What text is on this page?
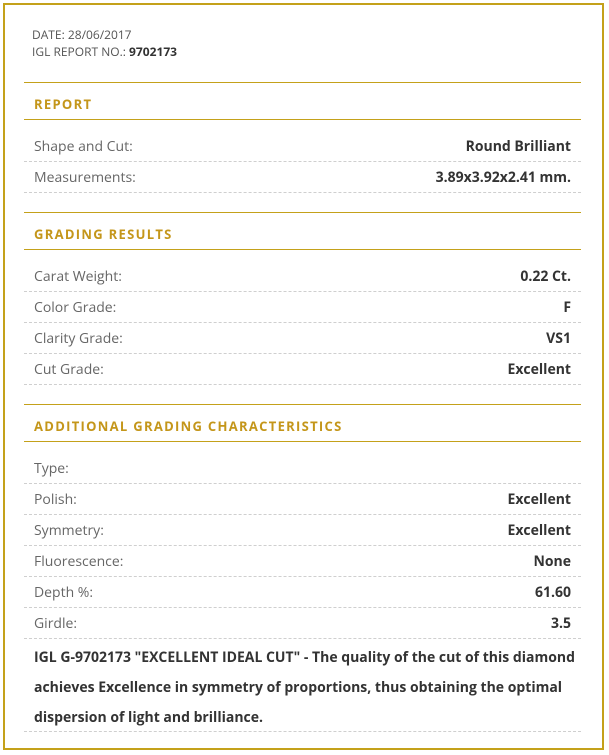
DATE: 28/06/2017
IGL REPORT NO.: 9702173
REPORT
Shape and Cut:	Round Brilliant
Measurements:	3.89x3.92x2.41 mm.
GRADING RESULTS
Carat Weight:	0.22 Ct.
Color Grade:	F
Clarity Grade:	VS1
Cut Grade:	Excellent
ADDITIONAL GRADING CHARACTERISTICS
Type:
Polish:	Excellent
Symmetry:	Excellent
Fluorescence:	None
Depth %:	61.60
Girdle:	3.5
IGL G-9702173 "EXCELLENT IDEAL CUT" - The quality of the cut of this diamond achieves Excellence in symmetry of proportions, thus obtaining the optimal dispersion of light and brilliance.
